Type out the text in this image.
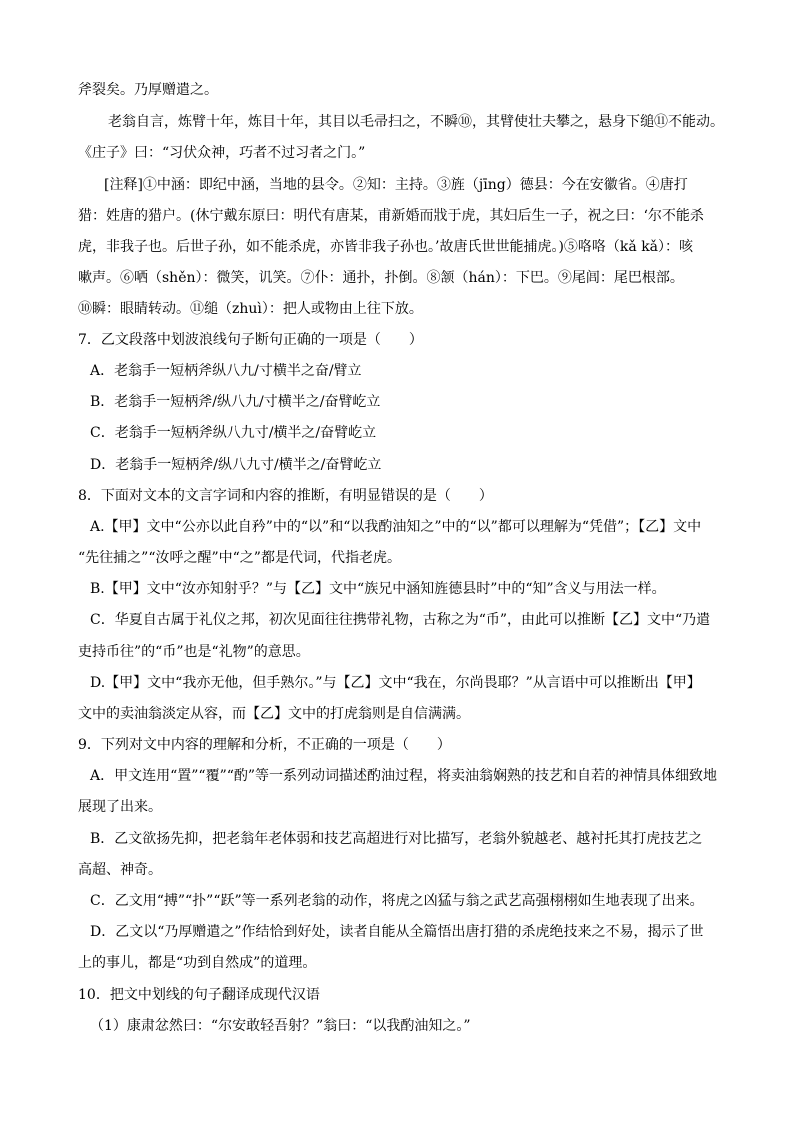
斧裂矣。乃厚赠遣之。
老翁自言，炼臂十年，炼目十年，其目以毛帚扫之，不瞬⑩，其臂使壮夫攀之，悬身下缒⑪不能动。
《庄子》曰：“习伏众神，巧者不过习者之门。”
[注释]①中涵：即纪中涵，当地的县令。②知：主持。③旌（jīng）德县：今在安徽省。④唐打
猎：姓唐的猎户。(休宁戴东原曰：明代有唐某，甫新婚而戕于虎，其妇后生一子，祝之曰：‘尔不能杀
虎，非我子也。后世子孙，如不能杀虎，亦皆非我子孙也。’故唐氏世世能捕虎。)⑤咯咯（kǎ kǎ）：咳
嗽声。⑥哂（shěn）：微笑，讥笑。⑦仆：通扑，扑倒。⑧颔（hán）：下巴。⑨尾闾：尾巴根部。
⑩瞬：眼睛转动。⑪缒（zhuì）：把人或物由上往下放。
7．乙文段落中划波浪线句子断句正确的一项是（　　）
A．老翁手一短柄斧纵八九/寸横半之奋/臂立
B．老翁手一短柄斧/纵八九/寸横半之/奋臂屹立
C．老翁手一短柄斧纵八九寸/横半之/奋臂屹立
D．老翁手一短柄斧/纵八九寸/横半之/奋臂屹立
8．下面对文本的文言字词和内容的推断，有明显错误的是（　　）
A.【甲】文中“公亦以此自矜”中的“以”和“以我酌油知之”中的“以”都可以理解为“凭借”；【乙】文中
“先往捕之”“汝呼之醒”中“之”都是代词，代指老虎。
B.【甲】文中“汝亦知射乎？”与【乙】文中“族兄中涵知旌德县时”中的“知”含义与用法一样。
C．华夏自古属于礼仪之邦，初次见面往往携带礼物，古称之为“币”，由此可以推断【乙】文中“乃遣
吏持币往”的“币”也是“礼物”的意思。
D.【甲】文中“我亦无他，但手熟尔。”与【乙】文中“我在，尔尚畏耶？”从言语中可以推断出【甲】
文中的卖油翁淡定从容，而【乙】文中的打虎翁则是自信满满。
9．下列对文中内容的理解和分析，不正确的一项是（　　）
A．甲文连用“置”“覆”“酌”等一系列动词描述酌油过程，将卖油翁娴熟的技艺和自若的神情具体细致地
展现了出来。
B．乙文欲扬先抑，把老翁年老体弱和技艺高超进行对比描写，老翁外貌越老、越衬托其打虎技艺之
高超、神奇。
C．乙文用“搏”“扑”“跃”等一系列老翁的动作，将虎之凶猛与翁之武艺高强栩栩如生地表现了出来。
D．乙文以“乃厚赠遣之”作结恰到好处，读者自能从全篇悟出唐打猎的杀虎绝技来之不易，揭示了世
上的事儿，都是“功到自然成”的道理。
10．把文中划线的句子翻译成现代汉语
（1）康肃忿然曰：“尔安敢轻吾射？”翁曰：“以我酌油知之。”
